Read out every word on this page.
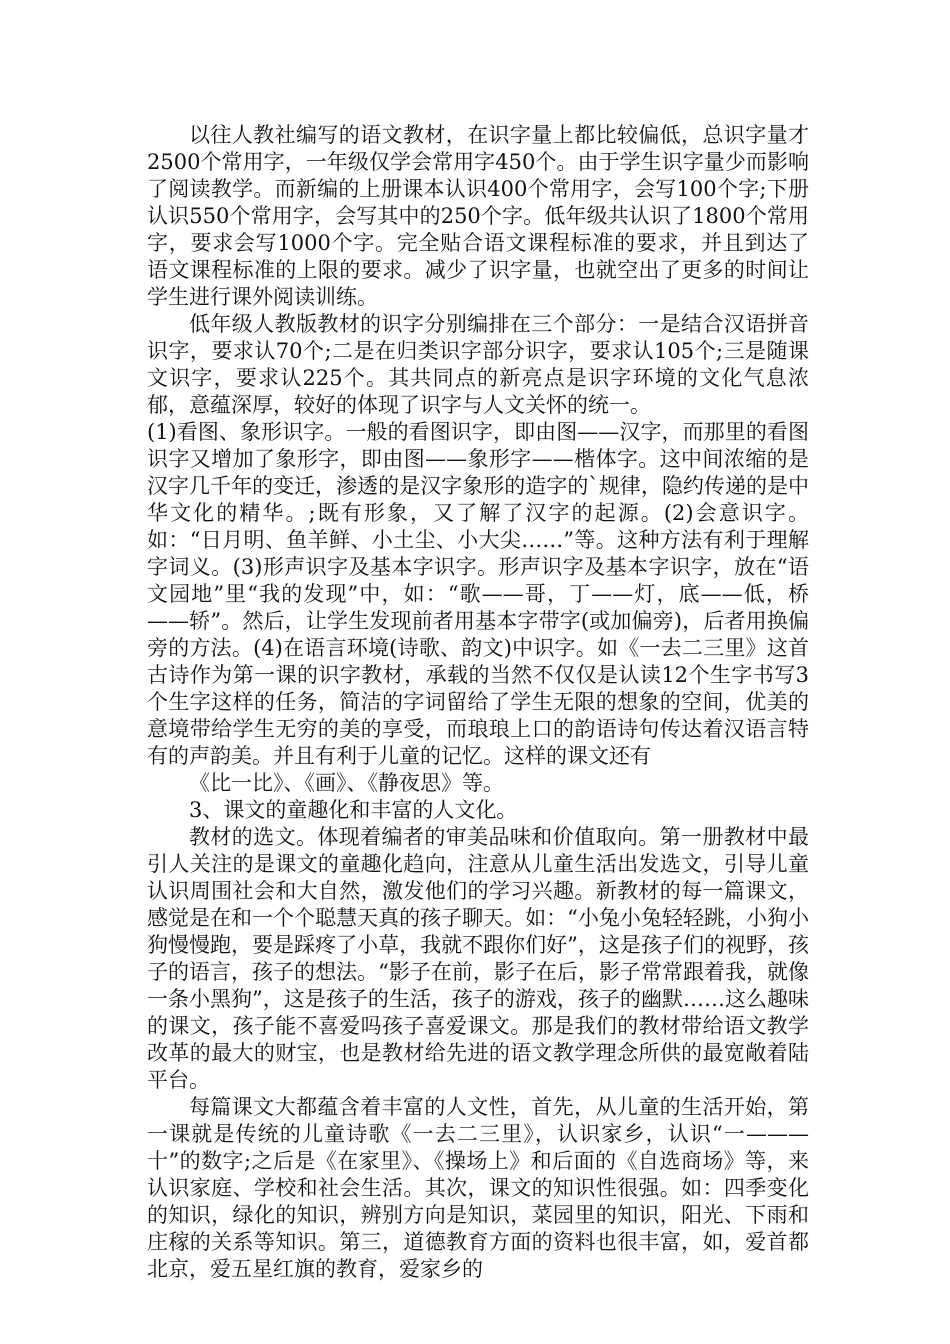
以往人教社编写的语文教材，在识字量上都比较偏低，总识字量才2500个常用字，一年级仅学会常用字450个。由于学生识字量少而影响了阅读教学。而新编的上册课本认识400个常用字，会写100个字;下册认识550个常用字，会写其中的250个字。低年级共认识了1800个常用字，要求会写1000个字。完全贴合语文课程标准的要求，并且到达了语文课程标准的上限的要求。减少了识字量，也就空出了更多的时间让学生进行课外阅读训练。

低年级人教版教材的识字分别编排在三个部分：一是结合汉语拼音识字，要求认70个;二是在归类识字部分识字，要求认105个;三是随课文识字，要求认225个。其共同点的新亮点是识字环境的文化气息浓郁，意蕴深厚，较好的体现了识字与人文关怀的统一。

(1)看图、象形识字。一般的看图识字，即由图——汉字，而那里的看图识字又增加了象形字，即由图——象形字——楷体字。这中间浓缩的是汉字几千年的变迁，渗透的是汉字象形的造字的`规律，隐约传递的是中华文化的精华。;既有形象，又了解了汉字的起源。(2)会意识字。如：“日月明、鱼羊鲜、小土尘、小大尖……”等。这种方法有利于理解字词义。(3)形声识字及基本字识字。形声识字及基本字识字，放在“语文园地”里“我的发现”中，如：“歌——哥，丁——灯，底——低，桥——轿”。然后，让学生发现前者用基本字带字(或加偏旁)，后者用换偏旁的方法。(4)在语言环境(诗歌、韵文)中识字。如《一去二三里》这首古诗作为第一课的识字教材，承载的当然不仅仅是认读12个生字书写3个生字这样的任务，简洁的字词留给了学生无限的想象的空间，优美的意境带给学生无穷的美的享受，而琅琅上口的韵语诗句传达着汉语言特有的声韵美。并且有利于儿童的记忆。这样的课文还有

《比一比》、《画》、《静夜思》等。

3、课文的童趣化和丰富的人文化。

教材的选文。体现着编者的审美品味和价值取向。第一册教材中最引人关注的是课文的童趣化趋向，注意从儿童生活出发选文，引导儿童认识周围社会和大自然，激发他们的学习兴趣。新教材的每一篇课文，感觉是在和一个个聪慧天真的孩子聊天。如：“小兔小兔轻轻跳，小狗小狗慢慢跑，要是踩疼了小草，我就不跟你们好”，这是孩子们的视野，孩子的语言，孩子的想法。“影子在前，影子在后，影子常常跟着我，就像一条小黑狗”，这是孩子的生活，孩子的游戏，孩子的幽默……这么趣味的课文，孩子能不喜爱吗孩子喜爱课文。那是我们的教材带给语文教学改革的最大的财宝，也是教材给先进的语文教学理念所供的最宽敞着陆平台。

每篇课文大都蕴含着丰富的人文性，首先，从儿童的生活开始，第一课就是传统的儿童诗歌《一去二三里》，认识家乡，认识“一———十”的数字;之后是《在家里》、《操场上》和后面的《自选商场》等，来认识家庭、学校和社会生活。其次，课文的知识性很强。如：四季变化的知识，绿化的知识，辨别方向是知识，菜园里的知识，阳光、下雨和庄稼的关系等知识。第三，道德教育方面的资料也很丰富，如，爱首都北京，爱五星红旗的教育，爱家乡的
